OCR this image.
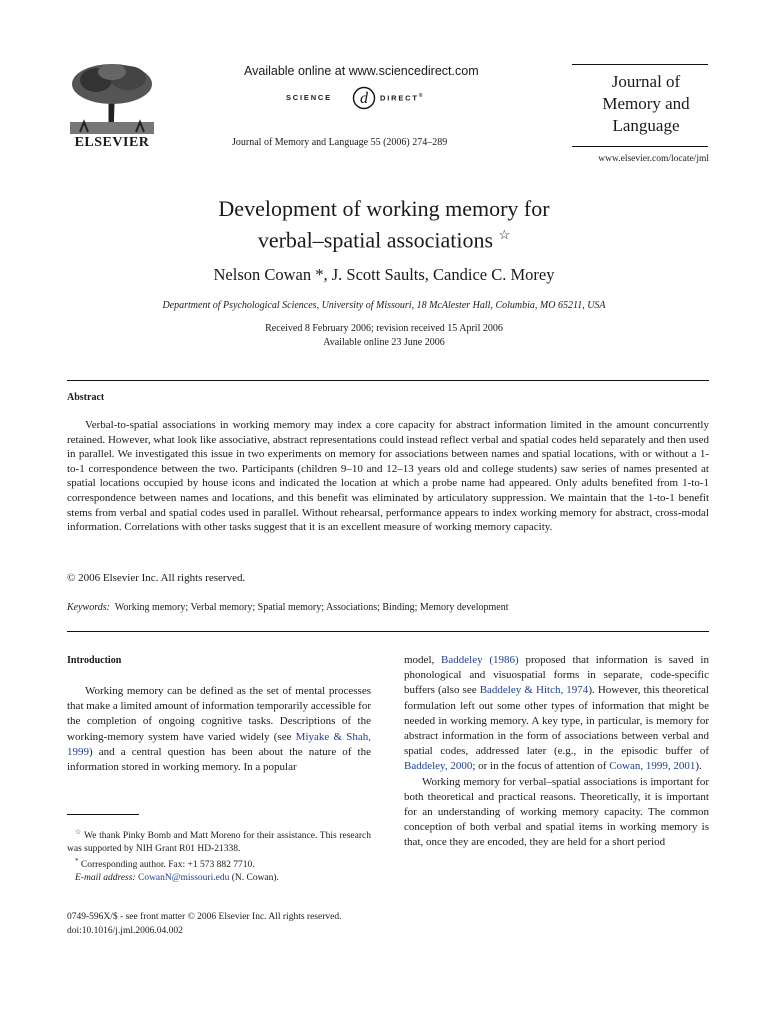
ELSEVIER
Available online at www.sciencedirect.com
SCIENCE d DIRECT®
Journal of Memory and Language 55 (2006) 274–289
Journal of
Memory and
Language
www.elsevier.com/locate/jml
Development of working memory for
verbal–spatial associations ☆
Nelson Cowan *, J. Scott Saults, Candice C. Morey
Department of Psychological Sciences, University of Missouri, 18 McAlester Hall, Columbia, MO 65211, USA
Received 8 February 2006; revision received 15 April 2006
Available online 23 June 2006
Abstract

Verbal-to-spatial associations in working memory may index a core capacity for abstract information limited in the amount concurrently retained. However, what look like associative, abstract representations could instead reflect verbal and spatial codes held separately and then used in parallel. We investigated this issue in two experiments on memory for associations between names and spatial locations, with or without a 1-to-1 correspondence between the two. Participants (children 9–10 and 12–13 years old and college students) saw series of names presented at spatial locations occupied by house icons and indicated the location at which a probe name had appeared. Only adults benefited from 1-to-1 correspondence between names and locations, and this benefit was eliminated by articulatory suppression. We maintain that the 1-to-1 benefit stems from verbal and spatial codes used in parallel. Without rehearsal, performance appears to index working memory for abstract, cross-modal information. Correlations with other tasks suggest that it is an excellent measure of working memory capacity.

© 2006 Elsevier Inc. All rights reserved.
Keywords: Working memory; Verbal memory; Spatial memory; Associations; Binding; Memory development
Introduction

Working memory can be defined as the set of mental processes that make a limited amount of information temporarily accessible for the completion of ongoing cognitive tasks. Descriptions of the working-memory system have varied widely (see Miyake & Shah, 1999) and a central question has been about the nature of the information stored in working memory. In a popular

☆ We thank Pinky Bomb and Matt Moreno for their assistance. This research was supported by NIH Grant R01 HD-21338.

* Corresponding author. Fax: +1 573 882 7710.

E-mail address: CowanN@missouri.edu (N. Cowan).

0749-596X/$ - see front matter © 2006 Elsevier Inc. All rights reserved.
doi:10.1016/j.jml.2006.04.002

model, Baddeley (1986) proposed that information is saved in phonological and visuospatial forms in separate, code-specific buffers (also see Baddeley & Hitch, 1974). However, this theoretical formulation left out some other types of information that might be needed in working memory. A key type, in particular, is memory for abstract information in the form of associations between verbal and spatial codes, addressed later (e.g., in the episodic buffer of Baddeley, 2000; or in the focus of attention of Cowan, 1999, 2001).

Working memory for verbal–spatial associations is important for both theoretical and practical reasons. Theoretically, it is important for an understanding of working memory capacity. The common conception of both verbal and spatial items in working memory is that, once they are encoded, they are held for a short period
